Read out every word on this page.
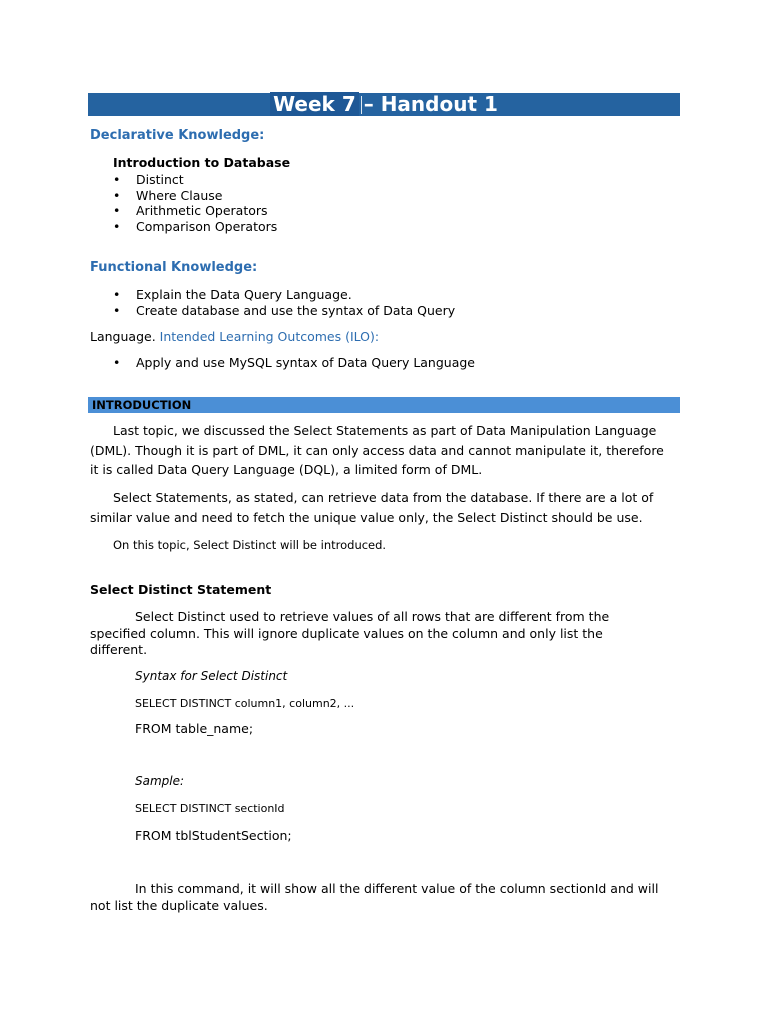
Week 7 – Handout 1
Declarative Knowledge:
Introduction to Database
• Distinct
• Where Clause
• Arithmetic Operators
• Comparison Operators
Functional Knowledge:
• Explain the Data Query Language.
• Create database and use the syntax of Data Query
Language. Intended Learning Outcomes (ILO):
• Apply and use MySQL syntax of Data Query Language
INTRODUCTION
Last topic, we discussed the Select Statements as part of Data Manipulation Language (DML). Though it is part of DML, it can only access data and cannot manipulate it, therefore it is called Data Query Language (DQL), a limited form of DML.
Select Statements, as stated, can retrieve data from the database. If there are a lot of similar value and need to fetch the unique value only, the Select Distinct should be use.
On this topic, Select Distinct will be introduced.
Select Distinct Statement
Select Distinct used to retrieve values of all rows that are different from the specified column. This will ignore duplicate values on the column and only list the different.
Syntax for Select Distinct
SELECT DISTINCT column1, column2, ...
FROM table_name;
Sample:
SELECT DISTINCT sectionId
FROM tblStudentSection;
In this command, it will show all the different value of the column sectionId and will not list the duplicate values.
